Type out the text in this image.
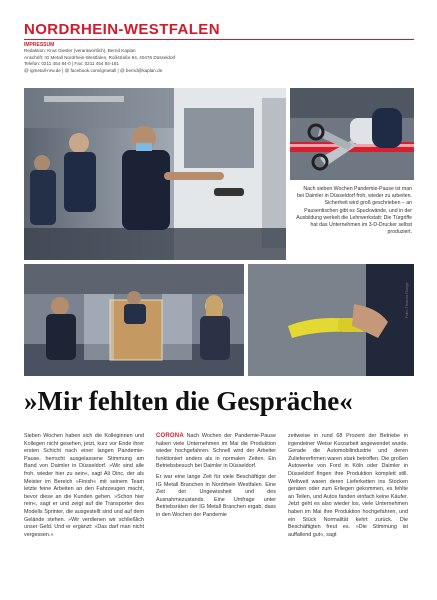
NORDRHEIN-WESTFALEN
IMPRESSUM
Redaktion: Knut Giesler (verantwortlich), Bernd Kaplan
Anschrift: IG Metall Nordrhein-Westfalen, Roßstraße 94, 40476 Düsseldorf
Telefon: 0211 454 84-0 | Fax: 0211 454 84-181
@ igmetall-nrw.de | @ facebook.com/igmetall | @ bernd@kaplan.de
Nach sieben Wochen Pandemie-Pause ist man bei Daimler in Düsseldorf froh, wieder zu arbeiten. Sicherheit wird groß geschrieben – an Pausentischen gibt es Spuckwände, und in der Ausbildung werkelt die Lehrwerkstatt: Die Türgriffe hat das Unternehmen im 3-D-Drucker selbst produziert.
Foto: Thomas Range
»Mir fehlten die Gespräche«

Sieben Wochen haben sich die Kolleginnen und Kollegen nicht gesehen, jetzt, kurz vor Ende ihrer ersten Schicht nach einer langen Pandemie-Pause, herrscht ausgelassene Stimmung am Band von Daimler in Düsseldorf. »Wir sind alle froh, wieder hier zu sein«, sagt Ali Dinc, der als Meister im Bereich »Finish« mit seinem Team letzte feine Arbeiten an den Fahrzeugen macht, bevor diese an die Kunden gehen. »Schon hier rein«, sagt er und zeigt auf die Transporter des Modells Sprinter, die ausgestellt sind und auf dem Gelände stehen. »Wir verdienen wir schließlich unser Geld. Und er ergänzt: »Das darf man nicht vergessen.«

CORONA Nach Wochen der Pandemie-Pause haben viele Unternehmen im Mai die Produktion wieder hochgefahren. Schnell wird der Arbeiter funktioniert anders als in normalen Zeiten. Ein Betriebsbesuch bei Daimler in Düsseldorf.

Er war eine lange Zeit für viele Beschäftigte der IG Metall Branchen in Nordrhein Westfalen. Eine Zeit der Ungewissheit und des Ausnahmezustands. Eine Umfrage unter Betriebsräten der IG Metall Branchen ergab, dass in den Wochen der Pandemie

zeitweise in rund 68 Prozent der Betriebe in irgendeiner Weise Kurzarbeit angewendet wurde. Gerade die Automobilindustrie und deren Zuliefererfirmen waren stark betroffen. Die großen Autowerke von Ford in Köln oder Daimler in Düsseldorf fingen ihre Produktion komplett still. Weltweit waren deren Lieferketten ins Stocken geraten oder zum Erliegen gekommen, es fehlte an Teilen, und Autos fanden einfach keine Käufer. Jetzt geht es also wieder los, viele Unternehmen haben im Mai ihre Produktion hochgefahren, und ein Stück Normalität kehrt zurück. Die Beschäftigten freut es. »Die Stimmung ist auffallend gut«, sagt
